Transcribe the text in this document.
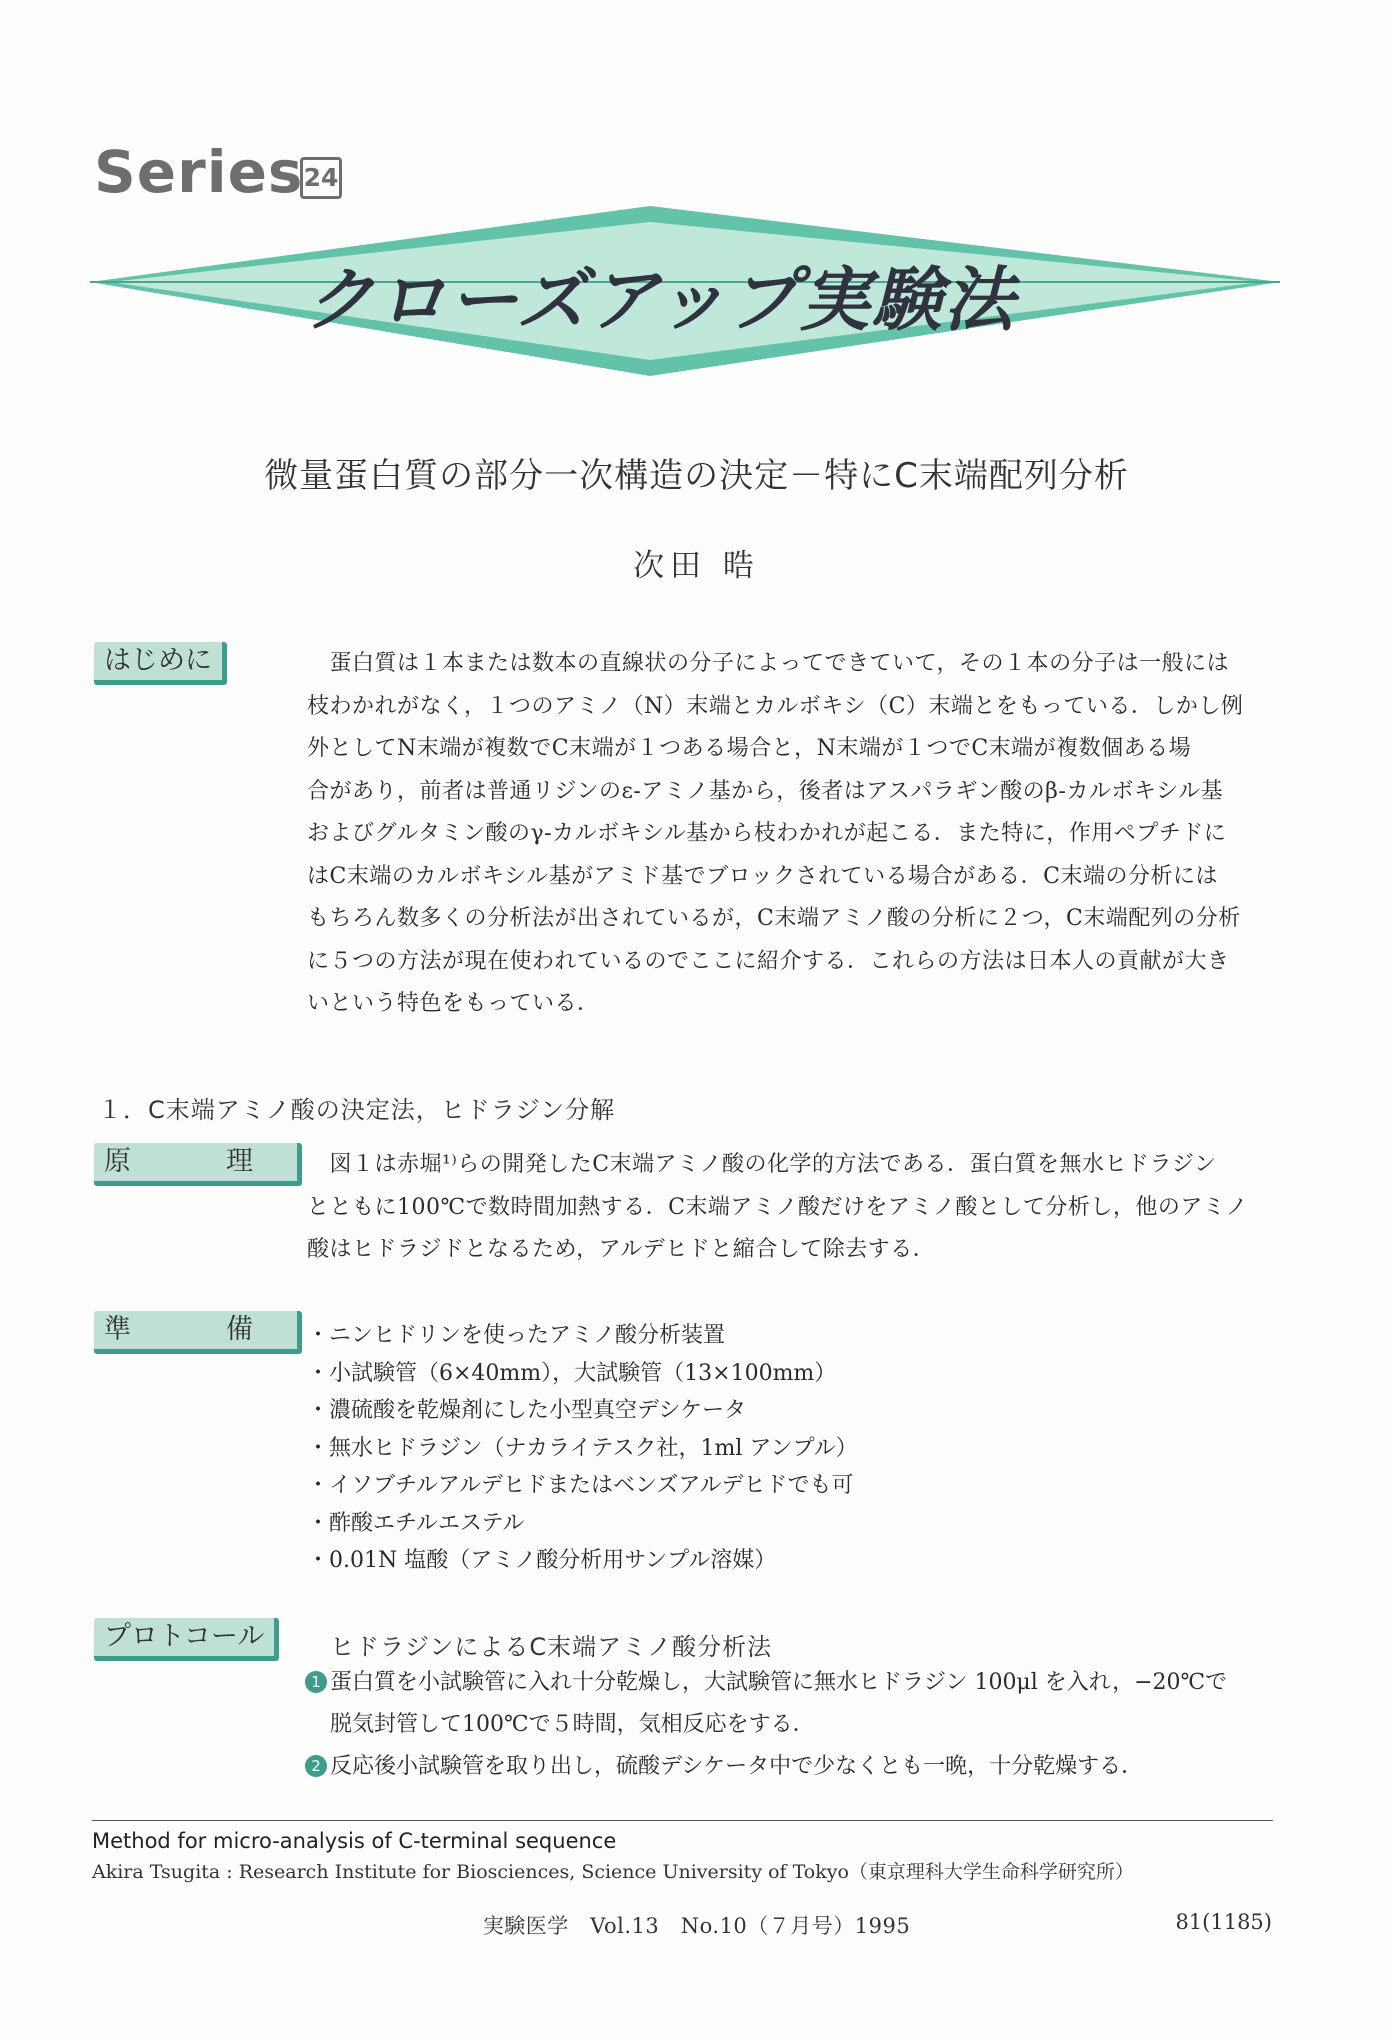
Series 24
クローズアップ実験法
微量蛋白質の部分一次構造の決定－特にC末端配列分析
次田 晧
はじめに	　蛋白質は１本または数本の直線状の分子によってできていて，その１本の分子は一般には

枝わかれがなく，１つのアミノ（N）末端とカルボキシ（C）末端とをもっている．しかし例

外としてN末端が複数でC末端が１つある場合と，N末端が１つでC末端が複数個ある場

合があり，前者は普通リジンのε-アミノ基から，後者はアスパラギン酸のβ-カルボキシル基

およびグルタミン酸のγ-カルボキシル基から枝わかれが起こる．また特に，作用ペプチドに

はC末端のカルボキシル基がアミド基でブロックされている場合がある．C末端の分析には

もちろん数多くの分析法が出されているが，C末端アミノ酸の分析に２つ，C末端配列の分析

に５つの方法が現在使われているのでここに紹介する．これらの方法は日本人の貢献が大き

いという特色をもっている．

１．C末端アミノ酸の決定法，ヒドラジン分解
原　理 　図１は赤堀¹⁾らの開発したC末端アミノ酸の化学的方法である．蛋白質を無水ヒドラジン

とともに100℃で数時間加熱する．C末端アミノ酸だけをアミノ酸として分析し，他のアミノ

酸はヒドラジドとなるため，アルデヒドと縮合して除去する．

準　備 ・ニンヒドリンを使ったアミノ酸分析装置
・小試験管（6×40mm），大試験管（13×100mm）
・濃硫酸を乾燥剤にした小型真空デシケータ
・無水ヒドラジン（ナカライテスク社，1ml アンプル）
・イソブチルアルデヒドまたはベンズアルデヒドでも可
・酢酸エチルエステル
・0.01N 塩酸（アミノ酸分析用サンプル溶媒）
プロトコール	ヒドラジンによるC末端アミノ酸分析法
1 蛋白質を小試験管に入れ十分乾燥し，大試験管に無水ヒドラジン 100μl を入れ，−20℃で
脱気封管して100℃で５時間，気相反応をする．
2 反応後小試験管を取り出し，硫酸デシケータ中で少なくとも一晩，十分乾燥する．
Method for micro-analysis of C-terminal sequence
Akira Tsugita : Research Institute for Biosciences, Science University of Tokyo（東京理科大学生命科学研究所）
実験医学　Vol.13　No.10（７月号）1995	81(1185)
